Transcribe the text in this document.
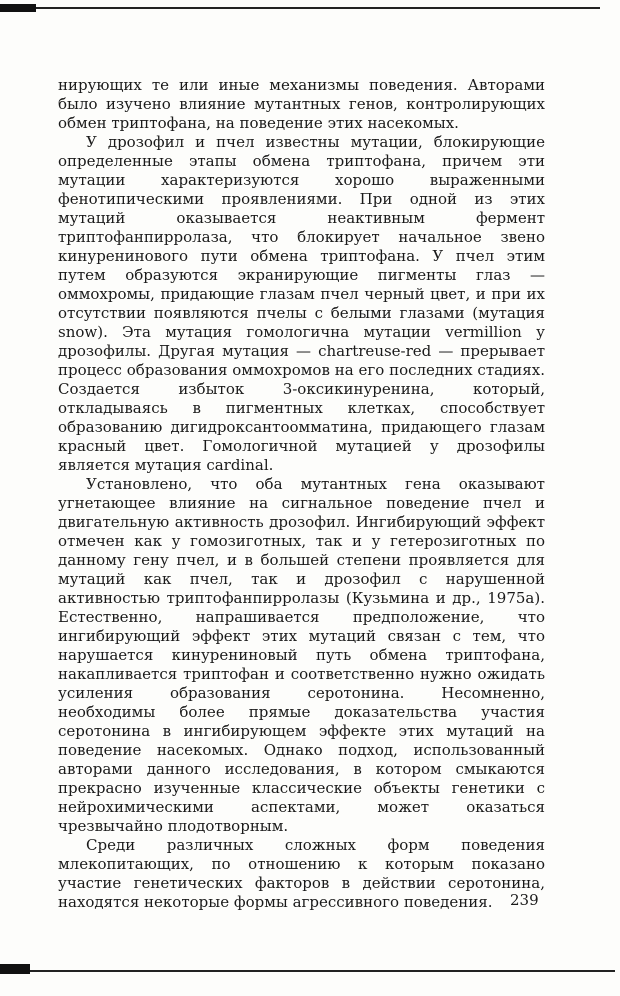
нирующих те или иные механизмы поведения. Авторами было изучено влияние мутантных генов, контролирующих обмен триптофана, на поведение этих насекомых.

У дрозофил и пчел известны мутации, блокирующие определенные этапы обмена триптофана, причем эти мутации характеризуются хорошо выраженными фенотипическими проявлениями. При одной из этих мутаций оказывается неактивным фермент триптофанпирролаза, что блокирует начальное звено кинуренинового пути обмена триптофана. У пчел этим путем образуются экранирующие пигменты глаз — оммохромы, придающие глазам пчел черный цвет, и при их отсутствии появляются пчелы с белыми глазами (мутация snow). Эта мутация гомологична мутации vermillion у дрозофилы. Другая мутация — chartreuse-red — прерывает процесс образования оммохромов на его последних стадиях. Создается избыток 3-оксикинуренина, который, откладываясь в пигментных клетках, способствует образованию дигидроксантоомматина, придающего глазам красный цвет. Гомологичной мутацией у дрозофилы является мутация cardinal.

Установлено, что оба мутантных гена оказывают угнетающее влияние на сигнальное поведение пчел и двигательную активность дрозофил. Ингибирующий эффект отмечен как у гомозиготных, так и у гетерозиготных по данному гену пчел, и в большей степени проявляется для мутаций как пчел, так и дрозофил с нарушенной активностью триптофанпирролазы (Кузьмина и др., 1975а). Естественно, напрашивается предположение, что ингибирующий эффект этих мутаций связан с тем, что нарушается кинурениновый путь обмена триптофана, накапливается триптофан и соответственно нужно ожидать усиления образования серотонина. Несомненно, необходимы более прямые доказательства участия серотонина в ингибирующем эффекте этих мутаций на поведение насекомых. Однако подход, использованный авторами данного исследования, в котором смыкаются прекрасно изученные классические объекты генетики с нейрохимическими аспектами, может оказаться чрезвычайно плодотворным.

Среди различных сложных форм поведения млекопитающих, по отношению к которым показано участие генетических факторов в действии серотонина, находятся некоторые формы агрессивного поведения.	239
